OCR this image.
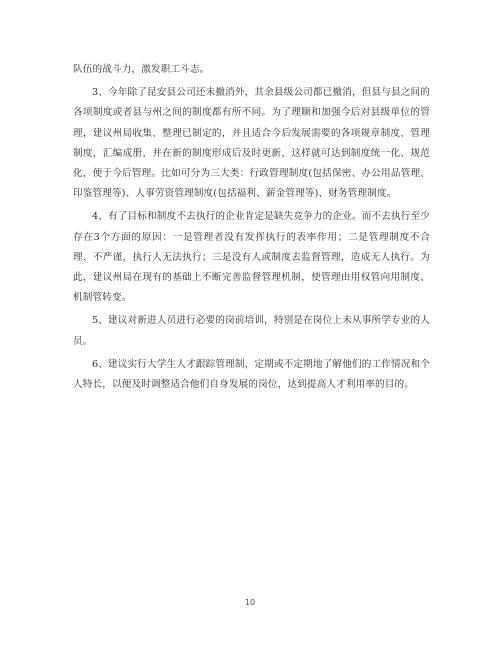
队伍的战斗力，激发职工斗志。

3、今年除了昆安县公司还未撤消外，其余县级公司都已撤消，但县与县之间的各项制度或者县与州之间的制度都有所不同。为了理顺和加强今后对县级单位的管理，建议州局收集、整理已制定的，并且适合今后发展需要的各项规章制度、管理制度，汇编成册，并在新的制度形成后及时更新，这样就可达到制度统一化、规范化，便于今后管理。比如可分为三大类：行政管理制度(包括保密、办公用品管理、印鉴管理等)、人事劳资管理制度(包括福利、薪金管理等)、财务管理制度。

4、有了目标和制度不去执行的企业肯定是缺失竞争力的企业。而不去执行至少存在3个方面的原因：一是管理者没有发挥执行的表率作用；二是管理制度不合理、不严谨，执行人无法执行；三是没有人或制度去监督管理，造成无人执行。为此，建议州局在现有的基础上不断完善监督管理机制，使管理由用权管向用制度、机制管转变。

5、建议对新进人员进行必要的岗前培训，特别是在岗位上未从事所学专业的人员。

6、建议实行大学生人才跟踪管理制，定期或不定期地了解他们的工作情况和个人特长，以便及时调整适合他们自身发展的岗位，达到提高人才利用率的目的。

10
